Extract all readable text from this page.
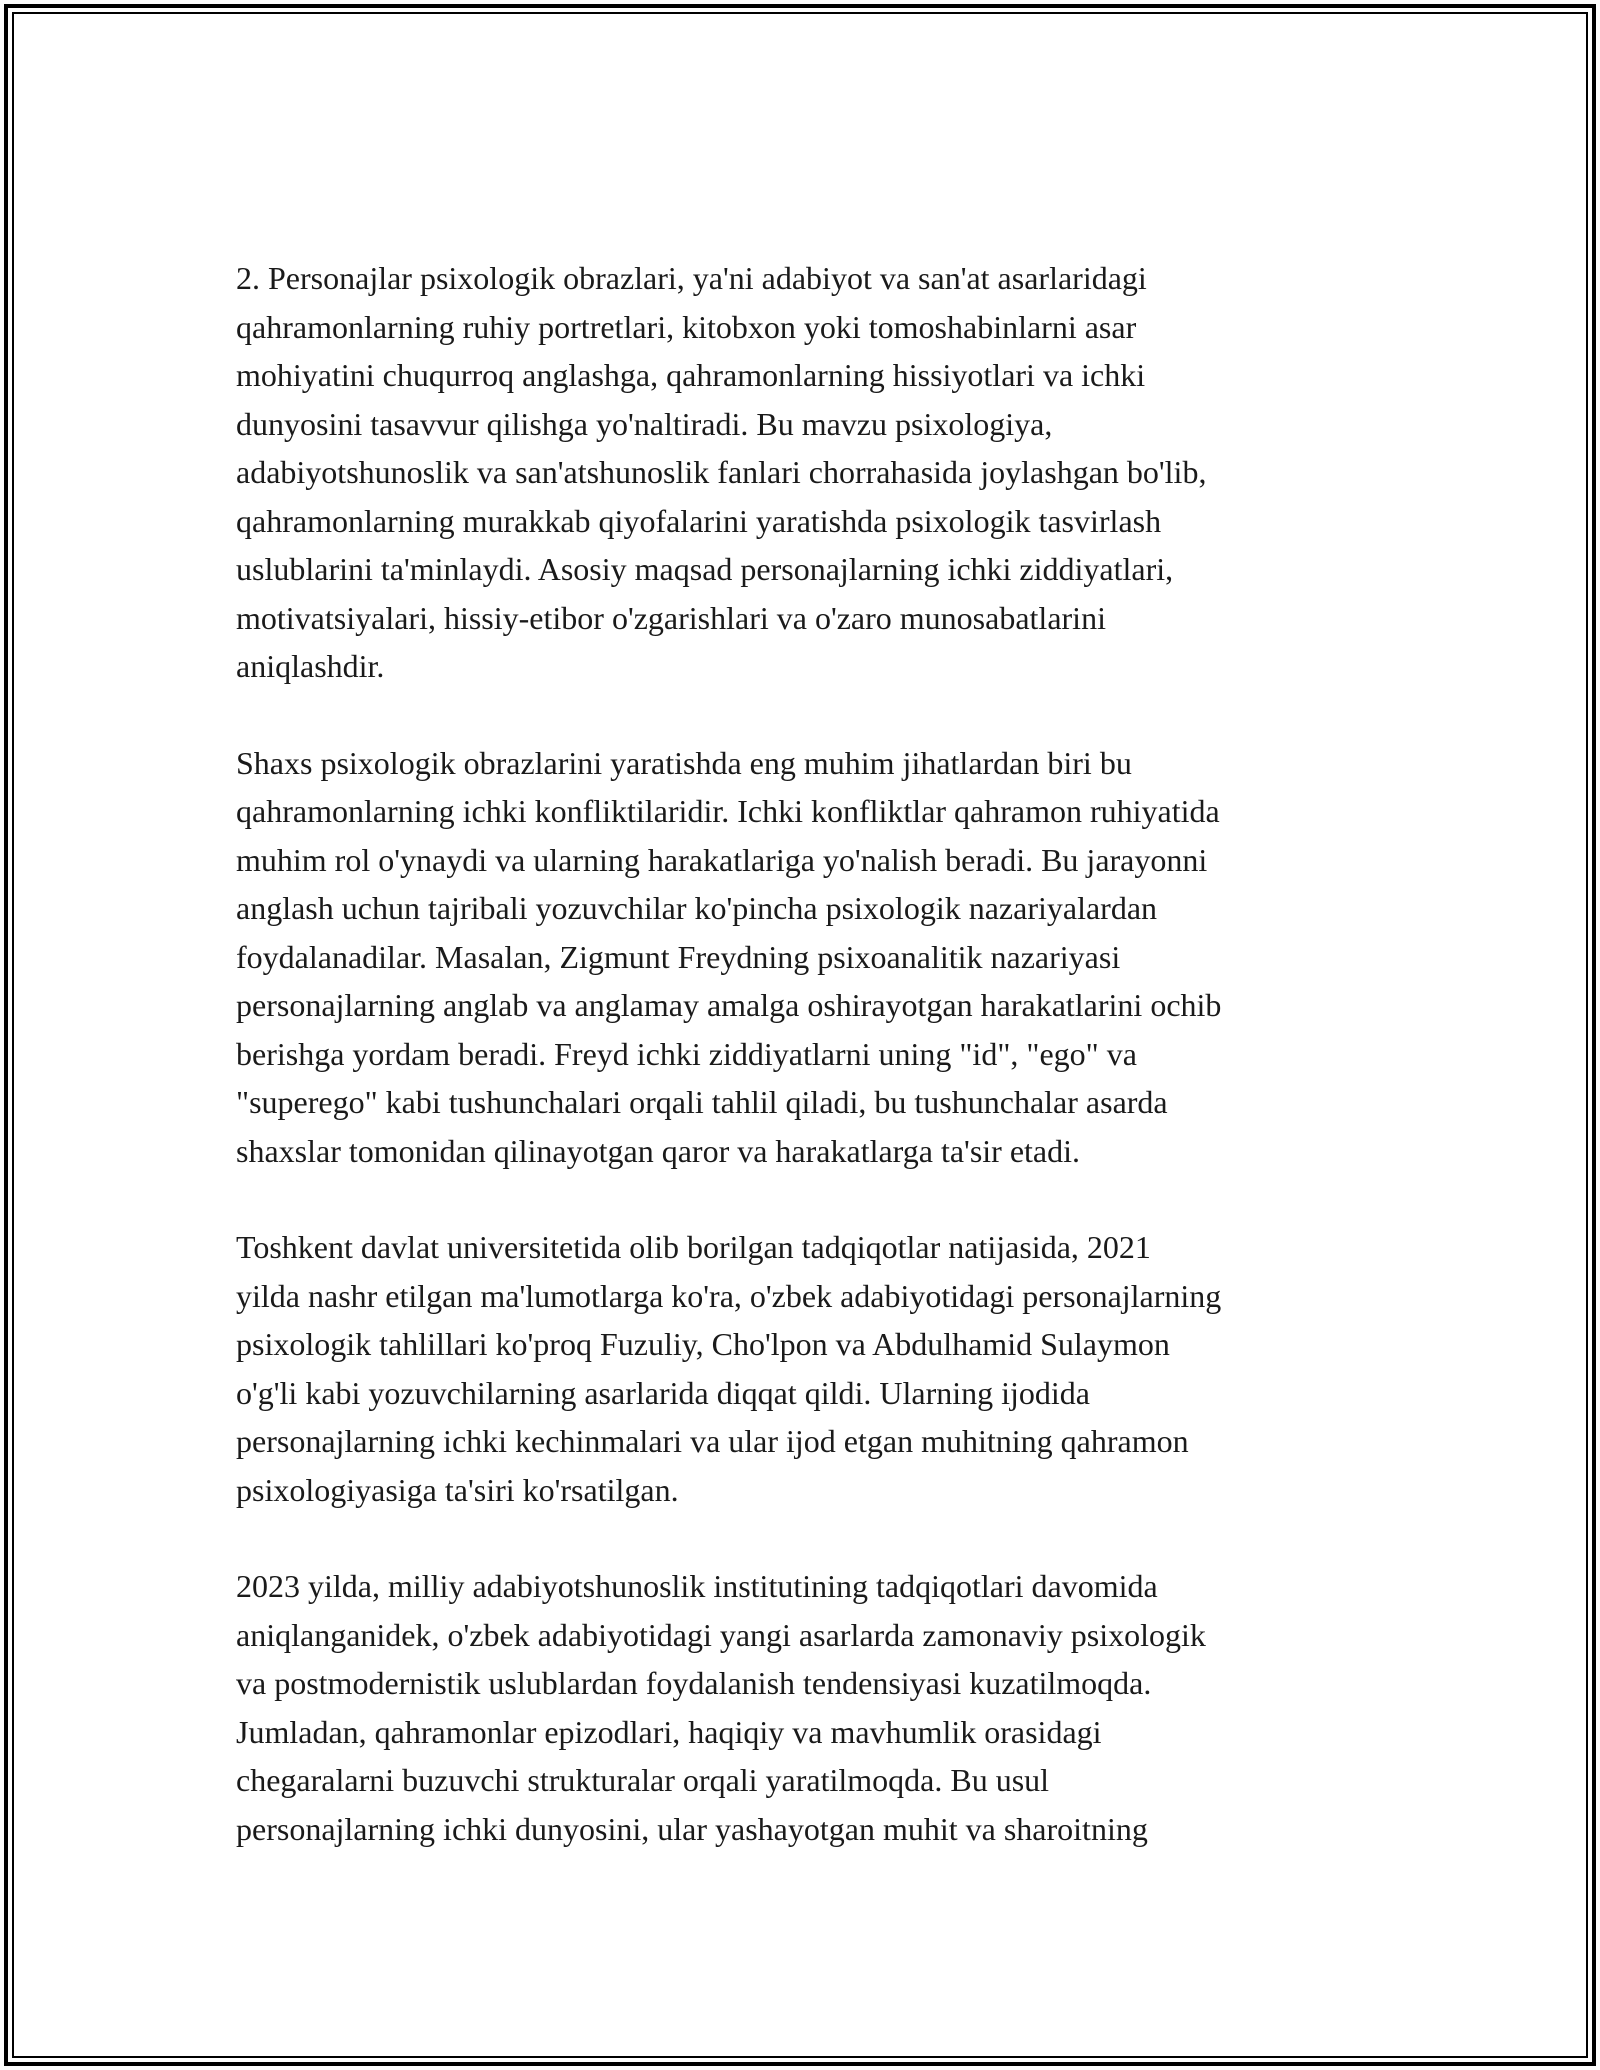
2. Personajlar psixologik obrazlari, ya'ni adabiyot va san'at asarlaridagi
qahramonlarning ruhiy portretlari, kitobxon yoki tomoshabinlarni asar
mohiyatini chuqurroq anglashga, qahramonlarning hissiyotlari va ichki
dunyosini tasavvur qilishga yo'naltiradi. Bu mavzu psixologiya,
adabiyotshunoslik va san'atshunoslik fanlari chorrahasida joylashgan bo'lib,
qahramonlarning murakkab qiyofalarini yaratishda psixologik tasvirlash
uslublarini ta'minlaydi. Asosiy maqsad personajlarning ichki ziddiyatlari,
motivatsiyalari, hissiy-etibor o'zgarishlari va o'zaro munosabatlarini
aniqlashdir.

Shaxs psixologik obrazlarini yaratishda eng muhim jihatlardan biri bu
qahramonlarning ichki konfliktilaridir. Ichki konfliktlar qahramon ruhiyatida
muhim rol o'ynaydi va ularning harakatlariga yo'nalish beradi. Bu jarayonni
anglash uchun tajribali yozuvchilar ko'pincha psixologik nazariyalardan
foydalanadilar. Masalan, Zigmunt Freydning psixoanalitik nazariyasi
personajlarning anglab va anglamay amalga oshirayotgan harakatlarini ochib
berishga yordam beradi. Freyd ichki ziddiyatlarni uning "id", "ego" va
"superego" kabi tushunchalari orqali tahlil qiladi, bu tushunchalar asarda
shaxslar tomonidan qilinayotgan qaror va harakatlarga ta'sir etadi.

Toshkent davlat universitetida olib borilgan tadqiqotlar natijasida, 2021
yilda nashr etilgan ma'lumotlarga ko'ra, o'zbek adabiyotidagi personajlarning
psixologik tahlillari ko'proq Fuzuliy, Cho'lpon va Abdulhamid Sulaymon
o'g'li kabi yozuvchilarning asarlarida diqqat qildi. Ularning ijodida
personajlarning ichki kechinmalari va ular ijod etgan muhitning qahramon
psixologiyasiga ta'siri ko'rsatilgan.

2023 yilda, milliy adabiyotshunoslik institutining tadqiqotlari davomida
aniqlanganidek, o'zbek adabiyotidagi yangi asarlarda zamonaviy psixologik
va postmodernistik uslublardan foydalanish tendensiyasi kuzatilmoqda.
Jumladan, qahramonlar epizodlari, haqiqiy va mavhumlik orasidagi
chegaralarni buzuvchi strukturalar orqali yaratilmoqda. Bu usul
personajlarning ichki dunyosini, ular yashayotgan muhit va sharoitning
